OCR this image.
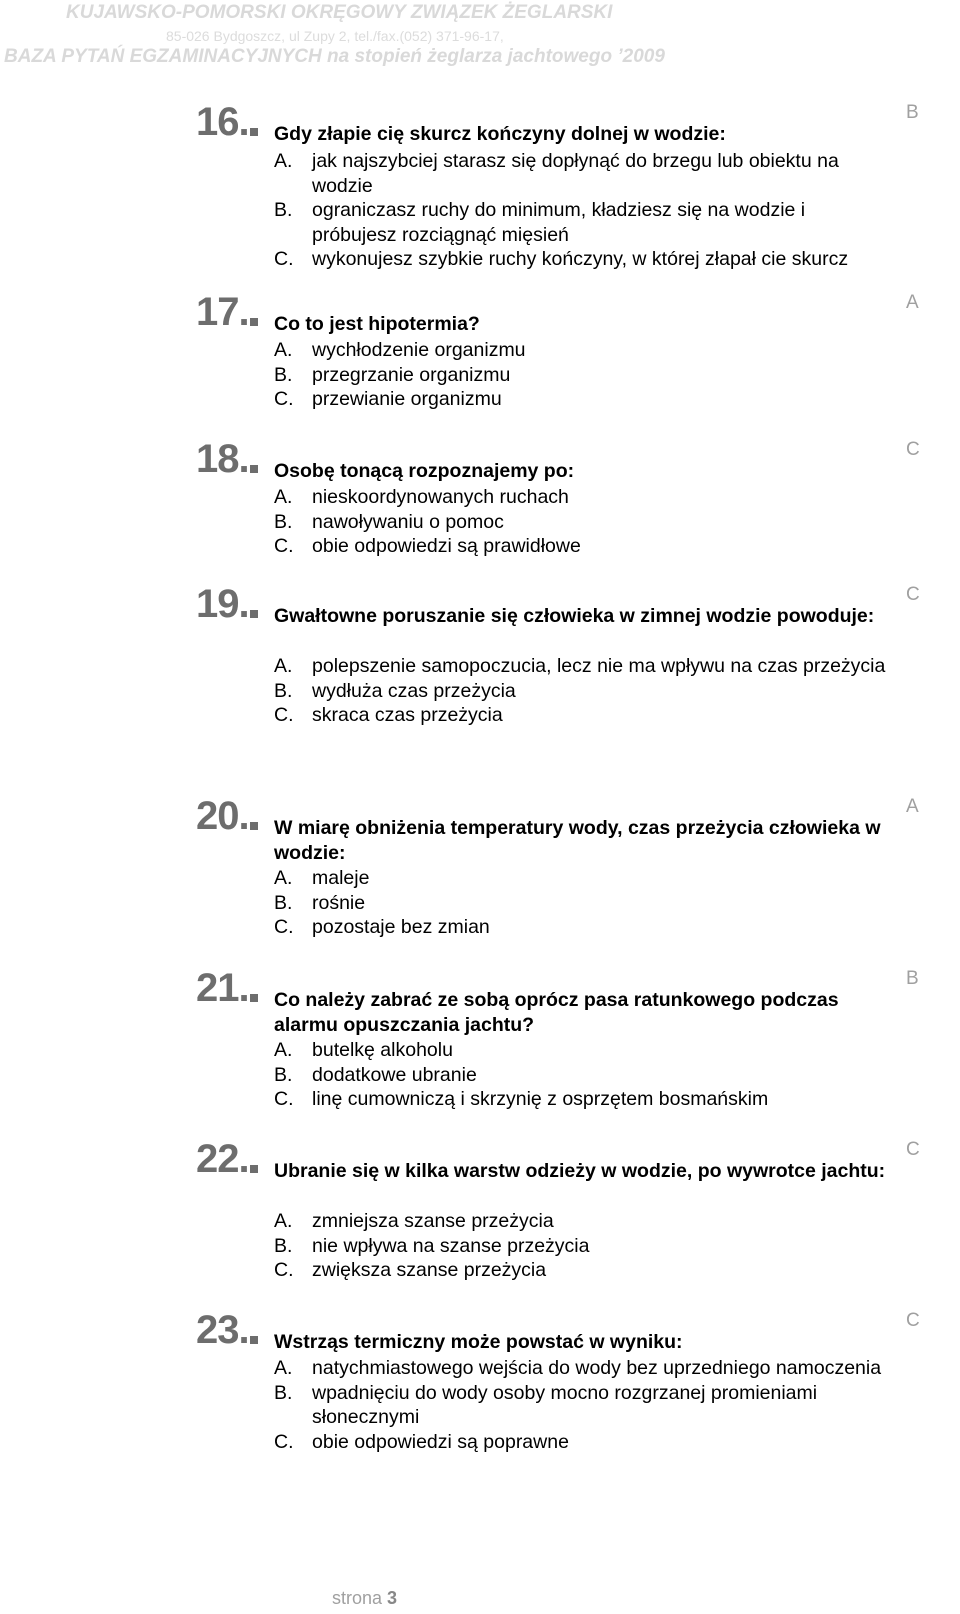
KUJAWSKO-POMORSKI OKRĘGOWY ZWIĄZEK ŻEGLARSKI
85-026 Bydgoszcz, ul Zupy 2, tel./fax.(052) 371-96-17,
BAZA PYTAŃ EGZAMINACYJNYCH na stopień żeglarza jachtowego ’2009
16. Gdy złapie cię skurcz kończyny dolnej w wodzie:
A. jak najszybciej starasz się dopłynąć do brzegu lub obiektu na wodzie
B. ograniczasz ruchy do minimum, kładziesz się na wodzie i próbujesz rozciągnąć mięsień
C. wykonujesz szybkie ruchy kończyny, w której złapał cie skurcz
B
17. Co to jest hipotermia?
A. wychłodzenie organizmu
B. przegrzanie organizmu
C. przewianie organizmu
A
18. Osobę tonącą rozpoznajemy po:
A. nieskoordynowanych ruchach
B. nawoływaniu o pomoc
C. obie odpowiedzi są prawidłowe
C
19. Gwałtowne poruszanie się człowieka w zimnej wodzie powoduje:
A. polepszenie samopoczucia, lecz nie ma wpływu na czas przeżycia
B. wydłuża czas przeżycia
C. skraca czas przeżycia
C
20. W miarę obniżenia temperatury wody, czas przeżycia człowieka w wodzie:
A. maleje
B. rośnie
C. pozostaje bez zmian
A
21. Co należy zabrać ze sobą oprócz pasa ratunkowego podczas alarmu opuszczania jachtu?
A. butelkę alkoholu
B. dodatkowe ubranie
C. linę cumowniczą i skrzynię z osprzętem bosmańskim
B
22. Ubranie się w kilka warstw odzieży w wodzie, po wywrotce jachtu:
A. zmniejsza szanse przeżycia
B. nie wpływa na szanse przeżycia
C. zwiększa szanse przeżycia
C
23. Wstrząs termiczny może powstać w wyniku:
A. natychmiastowego wejścia do wody bez uprzedniego namoczenia
B. wpadnięciu do wody osoby mocno rozgrzanej promieniami słonecznymi
C. obie odpowiedzi są poprawne
C
strona 3
